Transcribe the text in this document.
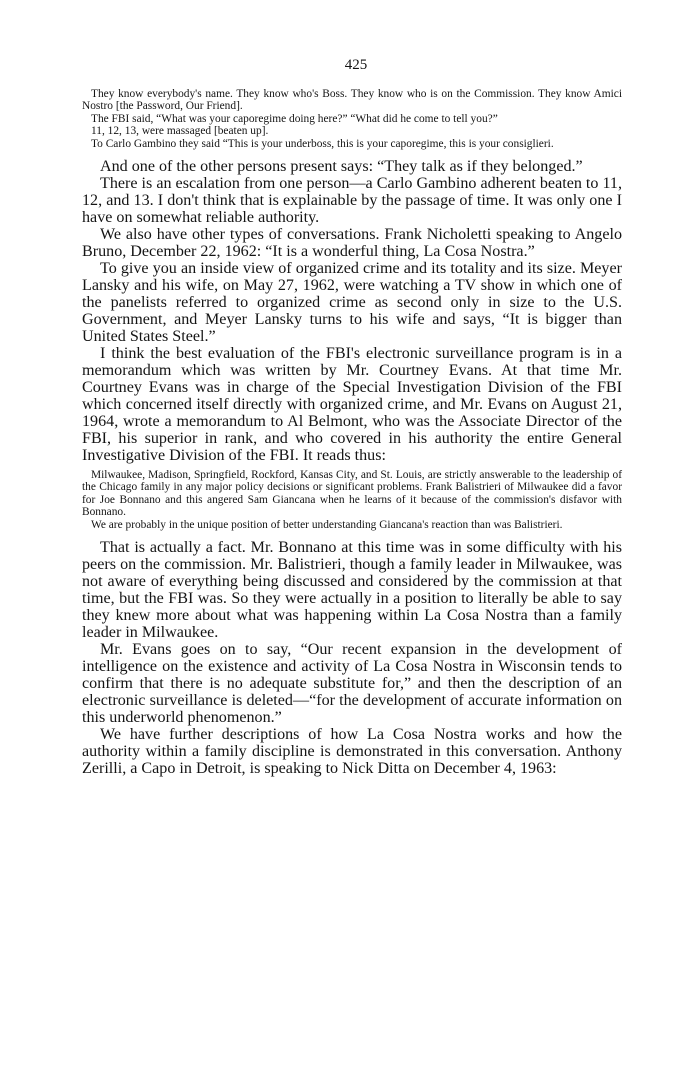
425

They know everybody's name. They know who's Boss. They know who is on the Commission. They know Amici Nostro [the Password, Our Friend].

The FBI said, “What was your caporegime doing here?” “What did he come to tell you?”

11, 12, 13, were massaged [beaten up].

To Carlo Gambino they said “This is your underboss, this is your caporegime, this is your consiglieri.

And one of the other persons present says: “They talk as if they belonged.”

There is an escalation from one person—a Carlo Gambino adherent beaten to 11, 12, and 13. I don't think that is explainable by the passage of time. It was only one I have on somewhat reliable authority.

We also have other types of conversations. Frank Nicholetti speaking to Angelo Bruno, December 22, 1962: “It is a wonderful thing, La Cosa Nostra.”

To give you an inside view of organized crime and its totality and its size. Meyer Lansky and his wife, on May 27, 1962, were watching a TV show in which one of the panelists referred to organized crime as second only in size to the U.S. Government, and Meyer Lansky turns to his wife and says, “It is bigger than United States Steel.”

I think the best evaluation of the FBI's electronic surveillance program is in a memorandum which was written by Mr. Courtney Evans. At that time Mr. Courtney Evans was in charge of the Special Investigation Division of the FBI which concerned itself directly with organized crime, and Mr. Evans on August 21, 1964, wrote a memorandum to Al Belmont, who was the Associate Director of the FBI, his superior in rank, and who covered in his authority the entire General Investigative Division of the FBI. It reads thus:

Milwaukee, Madison, Springfield, Rockford, Kansas City, and St. Louis, are strictly answerable to the leadership of the Chicago family in any major policy decisions or significant problems. Frank Balistrieri of Milwaukee did a favor for Joe Bonnano and this angered Sam Giancana when he learns of it because of the commission's disfavor with Bonnano.

We are probably in the unique position of better understanding Giancana's reaction than was Balistrieri.

That is actually a fact. Mr. Bonnano at this time was in some difficulty with his peers on the commission. Mr. Balistrieri, though a family leader in Milwaukee, was not aware of everything being discussed and considered by the commission at that time, but the FBI was. So they were actually in a position to literally be able to say they knew more about what was happening within La Cosa Nostra than a family leader in Milwaukee.

Mr. Evans goes on to say, “Our recent expansion in the development of intelligence on the existence and activity of La Cosa Nostra in Wisconsin tends to confirm that there is no adequate substitute for,” and then the description of an electronic surveillance is deleted—“for the development of accurate information on this underworld phenomenon.”

We have further descriptions of how La Cosa Nostra works and how the authority within a family discipline is demonstrated in this conversation. Anthony Zerilli, a Capo in Detroit, is speaking to Nick Ditta on December 4, 1963:
